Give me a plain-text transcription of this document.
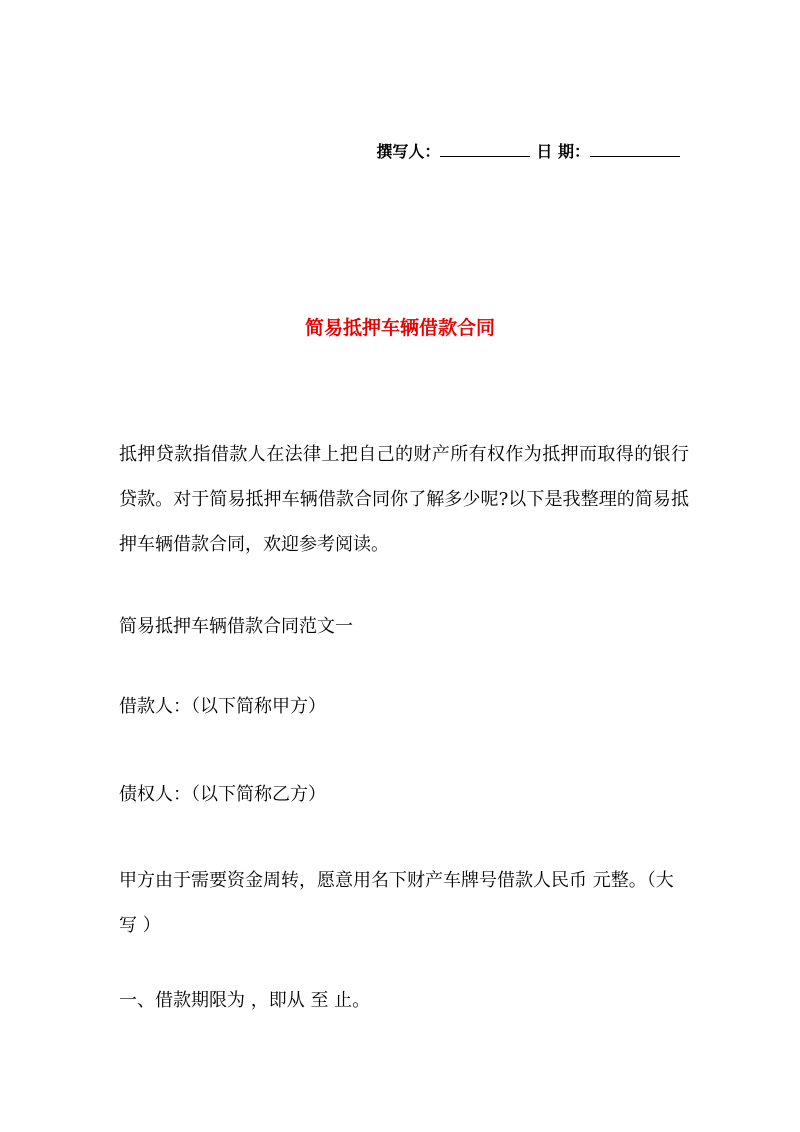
撰写人：	日 期：
简易抵押车辆借款合同

抵押贷款指借款人在法律上把自己的财产所有权作为抵押而取得的银行贷款。对于简易抵押车辆借款合同你了解多少呢?以下是我整理的简易抵押车辆借款合同，欢迎参考阅读。

简易抵押车辆借款合同范文一

借款人：（以下简称甲方）

债权人：（以下简称乙方）

甲方由于需要资金周转，愿意用名下财产车牌号借款人民币 元整。（大写 ）

一、借款期限为 ，即从 至 止。
